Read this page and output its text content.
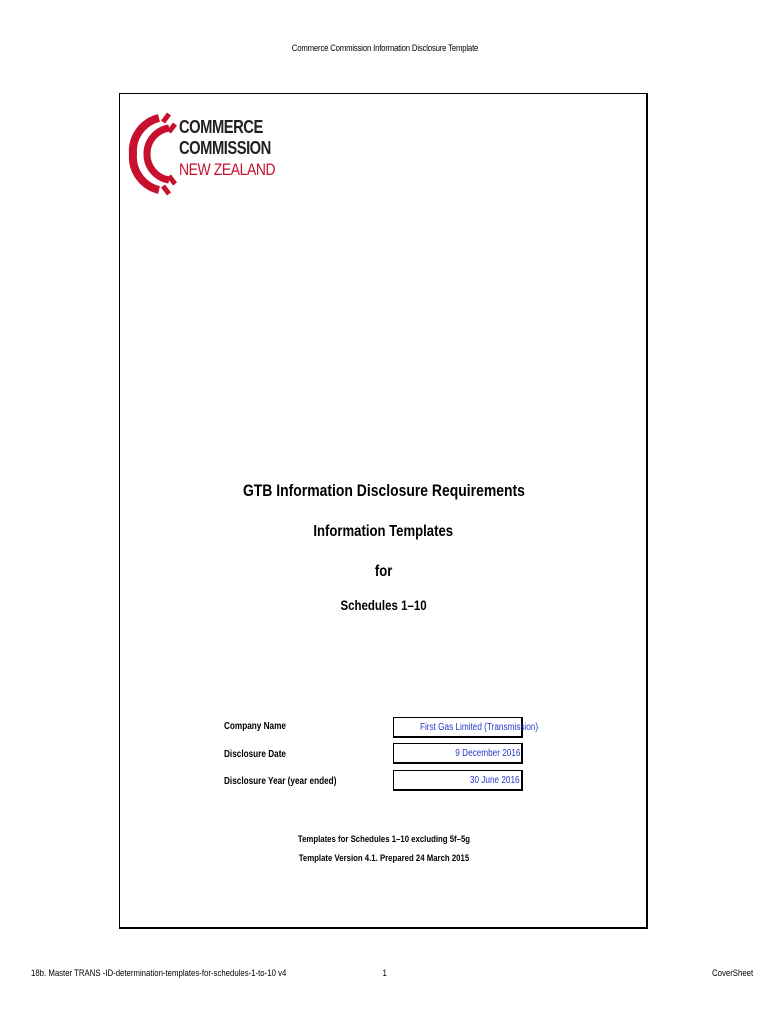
Commerce Commission Information Disclosure Template
COMMERCE
COMMISSION
NEW ZEALAND
GTB Information Disclosure Requirements
Information Templates
for
Schedules 1–10
Company Name	First Gas Limited (Transmission)
Disclosure Date	9 December 2016
Disclosure Year (year ended)	30 June 2016
Templates for Schedules 1–10 excluding 5f–5g
Template Version 4.1. Prepared 24 March 2015
18b. Master TRANS -ID-determination-templates-for-schedules-1-to-10 v4	1	CoverSheet
